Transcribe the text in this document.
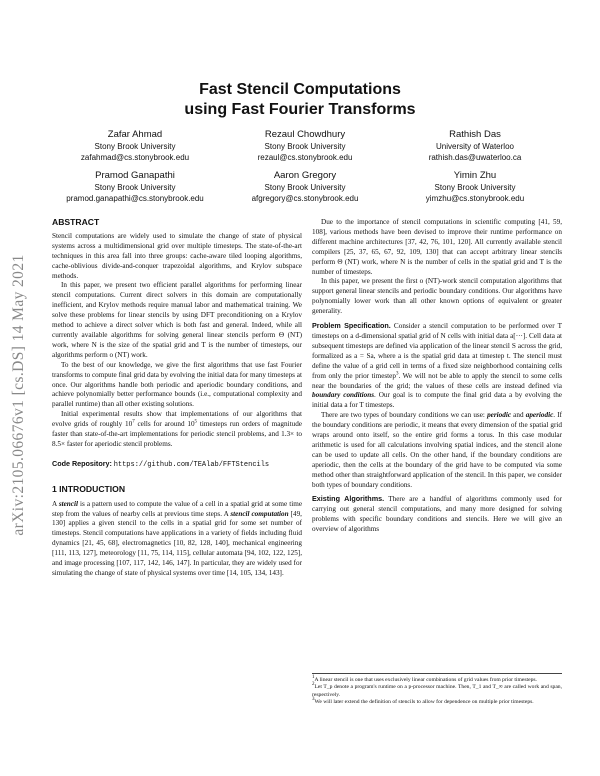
arXiv:2105.06676v1 [cs.DS] 14 May 2021
Fast Stencil Computations
using Fast Fourier Transforms
Zafar Ahmad
Stony Brook University
zafahmad@cs.stonybrook.edu
Rezaul Chowdhury
Stony Brook University
rezaul@cs.stonybrook.edu
Rathish Das
University of Waterloo
rathish.das@uwaterloo.ca
Pramod Ganapathi
Stony Brook University
pramod.ganapathi@cs.stonybrook.edu
Aaron Gregory
Stony Brook University
afgregory@cs.stonybrook.edu
Yimin Zhu
Stony Brook University
yimzhu@cs.stonybrook.edu
ABSTRACT

Stencil computations are widely used to simulate the change of state of physical systems across a multidimensional grid over multiple timesteps. The state-of-the-art techniques in this area fall into three groups: cache-aware tiled looping algorithms, cache-oblivious divide-and-conquer trapezoidal algorithms, and Krylov subspace methods.

In this paper, we present two efficient parallel algorithms for performing linear stencil computations. Current direct solvers in this domain are computationally inefficient, and Krylov methods require manual labor and mathematical training. We solve these problems for linear stencils by using DFT preconditioning on a Krylov method to achieve a direct solver which is both fast and general. Indeed, while all currently available algorithms for solving general linear stencils perform Θ (NT) work, where N is the size of the spatial grid and T is the number of timesteps, our algorithms perform o (NT) work.

To the best of our knowledge, we give the first algorithms that use fast Fourier transforms to compute final grid data by evolving the initial data for many timesteps at once. Our algorithms handle both periodic and aperiodic boundary conditions, and achieve polynomially better performance bounds (i.e., computational complexity and parallel runtime) than all other existing solutions.

Initial experimental results show that implementations of our algorithms that evolve grids of roughly $10^7$ cells for around $10^5$ timesteps run orders of magnitude faster than state-of-the-art implementations for periodic stencil problems, and 1.3× to 8.5× faster for aperiodic stencil problems.

Code Repository: https://github.com/TEAlab/FFTStencils

1 INTRODUCTION

A stencil is a pattern used to compute the value of a cell in a spatial grid at some time step from the values of nearby cells at previous time steps. A stencil computation [49, 130] applies a given stencil to the cells in a spatial grid for some set number of timesteps. Stencil computations have applications in a variety of fields including fluid dynamics [21, 45, 68], electromagnetics [10, 82, 128, 140], mechanical engineering [111, 113, 127], meteorology [11, 75, 114, 115], cellular automata [94, 102, 122, 125], and image processing [107, 117, 142, 146, 147]. In particular, they are widely used for simulating the change of state of physical systems over time [14, 105, 134, 143].

Due to the importance of stencil computations in scientific computing [41, 59, 108], various methods have been devised to improve their runtime performance on different machine architectures [37, 42, 76, 101, 120]. All currently available stencil compilers [25, 37, 65, 67, 92, 109, 130] that can accept arbitrary linear stencils perform Θ (NT) work, where N is the number of cells in the spatial grid and T is the number of timesteps.

In this paper, we present the first o (NT)-work stencil computation algorithms that support general linear stencils and periodic boundary conditions. Our algorithms have polynomially lower work than all other known options of equivalent or greater generality.

Problem Specification. Consider a stencil computation to be performed over T timesteps on a d-dimensional spatial grid of N cells with initial data a[···]. Cell data at subsequent timesteps are defined via application of the linear stencil S across the grid, formalized as a = Sa, where a is the spatial grid data at timestep t. The stencil must define the value of a grid cell in terms of a fixed size neighborhood containing cells from only the prior timestep$^3$. We will not be able to apply the stencil to some cells near the boundaries of the grid; the values of these cells are instead defined via boundary conditions. Our goal is to compute the final grid data a by evolving the initial data a for T timesteps.

There are two types of boundary conditions we can use: periodic and aperiodic. If the boundary conditions are periodic, it means that every dimension of the spatial grid wraps around onto itself, so the entire grid forms a torus. In this case modular arithmetic is used for all calculations involving spatial indices, and the stencil alone can be used to update all cells. On the other hand, if the boundary conditions are aperiodic, then the cells at the boundary of the grid have to be computed via some method other than straightforward application of the stencil. In this paper, we consider both types of boundary conditions.

Existing Algorithms. There are a handful of algorithms commonly used for carrying out general stencil computations, and many more designed for solving problems with specific boundary conditions and stencils. Here we will give an overview of algorithms

$^1$A linear stencil is one that uses exclusively linear combinations of grid values from prior timesteps.

$^2$Let T_p denote a program's runtime on a p-processor machine. Then, T_1 and T_∞ are called work and span, respectively.

$^3$We will later extend the definition of stencils to allow for dependence on multiple prior timesteps.
